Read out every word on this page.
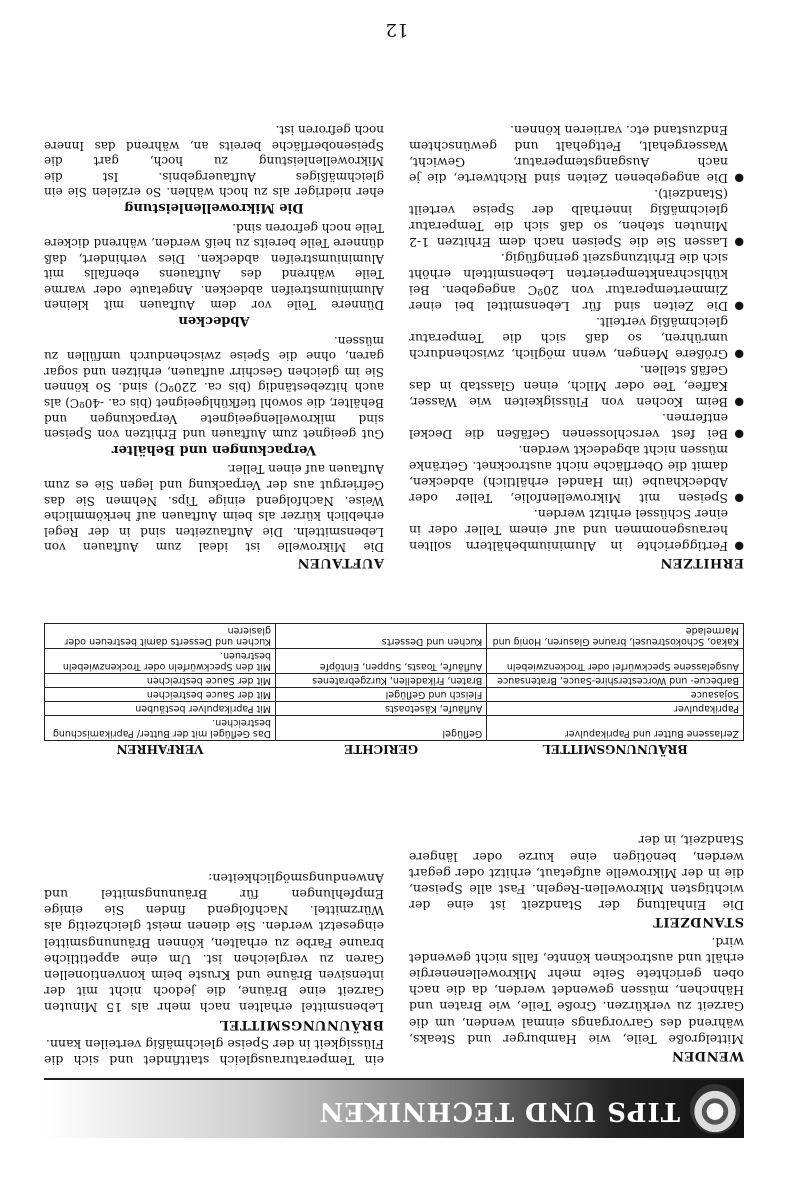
TIPS UND TECHNIKEN
WENDEN

Mittelgroße Teile, wie Hamburger und Steaks, während des Garvorgangs einmal wenden, um die Garzeit zu verkürzen. Große Teile, wie Braten und Hähnchen, müssen gewendet werden, da die nach oben gerichtete Seite mehr Mikrowellenenergie erhält und austrocknen könnte, falls nicht gewendet wird.

STANDZEIT

Die Einhaltung der Standzeit ist eine der wichtigsten Mikrowellen-Regeln. Fast alle Speisen, die in der Mikrowelle aufgetaut, erhitzt oder gegart werden, benötigen eine kurze oder längere Standzeit, in der

ein Temperaturausgleich stattfindet und sich die Flüssigkeit in der Speise gleichmäßig verteilen kann.

BRÄUNUNGSMITTEL

Lebensmittel erhalten nach mehr als 15 Minuten Garzeit eine Bräune, die jedoch nicht mit der intensiven Bräune und Kruste beim konventionellen Garen zu vergleichen ist. Um eine appetitliche braune Farbe zu erhalten, können Bräunungsmittel eingesetzt werden. Sie dienen meist gleichzeitig als Würzmittel. Nachfolgend finden Sie einige Empfehlungen für Bräunungsmittel und Anwendungsmöglichkeiten:

BRÄUNUNGSMITTEL	GERICHTE	VERFAHREN
Zerlassene Butter und Paprikapulver	Geflügel	Das Geflügel mit der Butter/ Paprikamischung bestreichen.
Paprikapulver	Aufläufe, Käsetoasts	Mit Paprikapulver bestäuben
Sojasauce	Fleisch und Geflügel	Mit der Sauce bestreichen
Barbecue- und Worcestershire-Sauce, Bratensauce	Braten, Frikadellen, Kurzgebratenes	Mit der Sauce bestreichen
Ausgelassene Speckwürfel oder Trockenzwiebeln	Aufläufe, Toasts, Suppen, Eintöpfe	Mit den Speckwürfeln oder Trockenzwiebeln bestreuen.
Kakao, Schokostreusel, braune Glasuren, Honig und Marmelade	Kuchen und Desserts	Kuchen und Desserts damit bestreuen oder glasieren
ERHITZEN
● Fertiggerichte in Aluminiumbehältern sollten herausgenommen und auf einem Teller oder in einer Schüssel erhitzt werden.
● Speisen mit Mikrowellenfolie, Teller oder Abdeckhaube (im Handel erhältlich) abdecken, damit die Oberfläche nicht austrocknet. Getränke müssen nicht abgedeckt werden.
● Bei fest verschlossenen Gefäßen die Deckel entfernen.
● Beim Kochen von Flüssigkeiten wie Wasser, Kaffee, Tee oder Milch, einen Glasstab in das Gefäß stellen.
● Größere Mengen, wenn möglich, zwischendurch umrühren, so daß sich die Temperatur gleichmäßig verteilt.
● Die Zeiten sind für Lebensmittel bei einer Zimmertemperatur von 20ºC angegeben. Bei kühlschranktemperierten Lebensmitteln erhöht sich die Erhitzungszeit geringfügig.
● Lassen Sie die Speisen nach dem Erhitzen 1-2 Minuten stehen, so daß sich die Temperatur gleichmäßig innerhalb der Speise verteilt (Standzeit).
● Die angegebenen Zeiten sind Richtwerte, die je nach Ausgangstemperatur, Gewicht, Wassergehalt, Fettgehalt und gewünschtem Endzustand etc. variieren können.
AUFTAUEN

Die Mikrowelle ist ideal zum Auftauen von Lebensmitteln. Die Auftauzeiten sind in der Regel erheblich kürzer als beim Auftauen auf herkömmliche Weise. Nachfolgend einige Tips. Nehmen Sie das Gefriergut aus der Verpackung und legen Sie es zum Auftauen auf einen Teller.

Verpackungen und Behälter

Gut geeignet zum Auftauen und Erhitzen von Speisen sind mikrowellengeeignete Verpackungen und Behälter, die sowohl tiefkühlgeeignet (bis ca. -40ºC) als auch hitzebeständig (bis ca. 220ºC) sind. So können Sie im gleichen Geschirr auftauen, erhitzen und sogar garen, ohne die Speise zwischendurch umfüllen zu müssen.

Abdecken

Dünnere Teile vor dem Auftauen mit kleinen Aluminiumstreifen abdecken. Angetaute oder warme Teile während des Auftauens ebenfalls mit Aluminiumstreifen abdecken. Dies verhindert, daß dünnere Teile bereits zu heiß werden, während dickere Teile noch gefroren sind.

Die Mikrowellenleistung

eher niedriger als zu hoch wählen. So erzielen Sie ein gleichmäßiges Auftauergebnis. Ist die Mikrowellenleistung zu hoch, gart die Speisenoberfläche bereits an, während das Innere noch gefroren ist.

12
